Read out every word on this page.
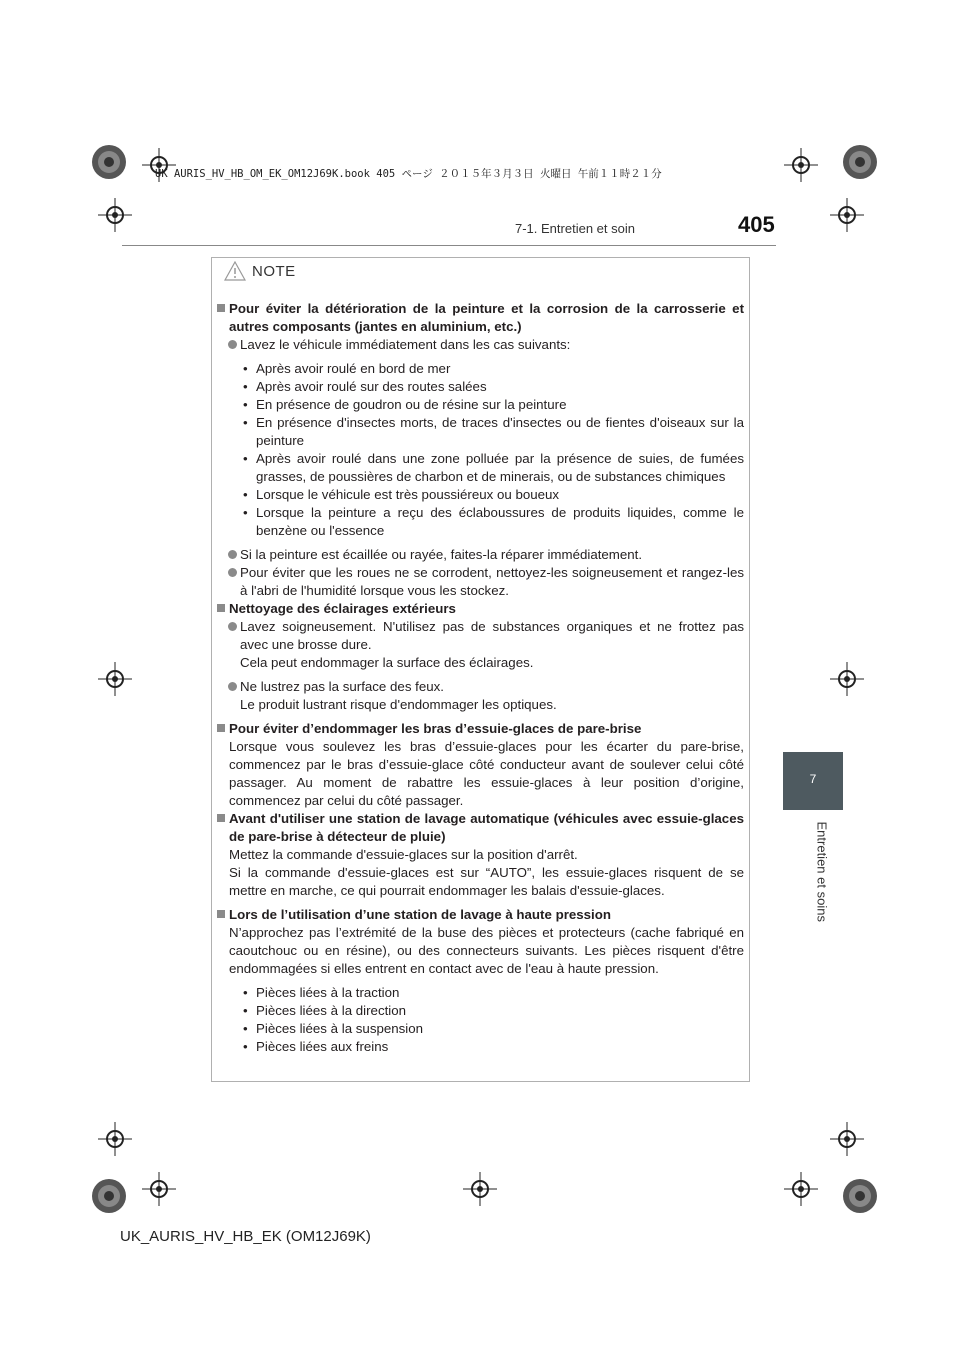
UK AURIS_HV_HB_OM_EK_OM12J69K.book 405 ページ ２０１５年３月３日 火曜日 午前１１時２１分
7-1. Entretien et soin	405
7
Entretien et soins
NOTE

Pour éviter la détérioration de la peinture et la corrosion de la carrosserie et autres composants (jantes en aluminium, etc.)

Lavez le véhicule immédiatement dans les cas suivants:

• Après avoir roulé en bord de mer

• Après avoir roulé sur des routes salées

• En présence de goudron ou de résine sur la peinture

• En présence d'insectes morts, de traces d'insectes ou de fientes d'oiseaux sur la peinture

• Après avoir roulé dans une zone polluée par la présence de suies, de fumées grasses, de poussières de charbon et de minerais, ou de substances chimiques

• Lorsque le véhicule est très poussiéreux ou boueux

• Lorsque la peinture a reçu des éclaboussures de produits liquides, comme le benzène ou l'essence

Si la peinture est écaillée ou rayée, faites-la réparer immédiatement.

Pour éviter que les roues ne se corrodent, nettoyez-les soigneusement et rangez-les à l'abri de l'humidité lorsque vous les stockez.

Nettoyage des éclairages extérieurs

Lavez soigneusement. N'utilisez pas de substances organiques et ne frottez pas avec une brosse dure.

Cela peut endommager la surface des éclairages.

Ne lustrez pas la surface des feux.

Le produit lustrant risque d'endommager les optiques.

Pour éviter d’endommager les bras d’essuie-glaces de pare-brise

Lorsque vous soulevez les bras d’essuie-glaces pour les écarter du pare-brise, commencez par le bras d’essuie-glace côté conducteur avant de soulever celui côté passager. Au moment de rabattre les essuie-glaces à leur position d’origine, commencez par celui du côté passager.

Avant d'utiliser une station de lavage automatique (véhicules avec essuie-glaces de pare-brise à détecteur de pluie)

Mettez la commande d'essuie-glaces sur la position d'arrêt.

Si la commande d'essuie-glaces est sur “AUTO”, les essuie-glaces risquent de se mettre en marche, ce qui pourrait endommager les balais d'essuie-glaces.

Lors de l’utilisation d’une station de lavage à haute pression

N’approchez pas l’extrémité de la buse des pièces et protecteurs (cache fabriqué en caoutchouc ou en résine), ou des connecteurs suivants. Les pièces risquent d'être endommagées si elles entrent en contact avec de l'eau à haute pression.

• Pièces liées à la traction

• Pièces liées à la direction

• Pièces liées à la suspension

• Pièces liées aux freins

UK_AURIS_HV_HB_EK (OM12J69K)
